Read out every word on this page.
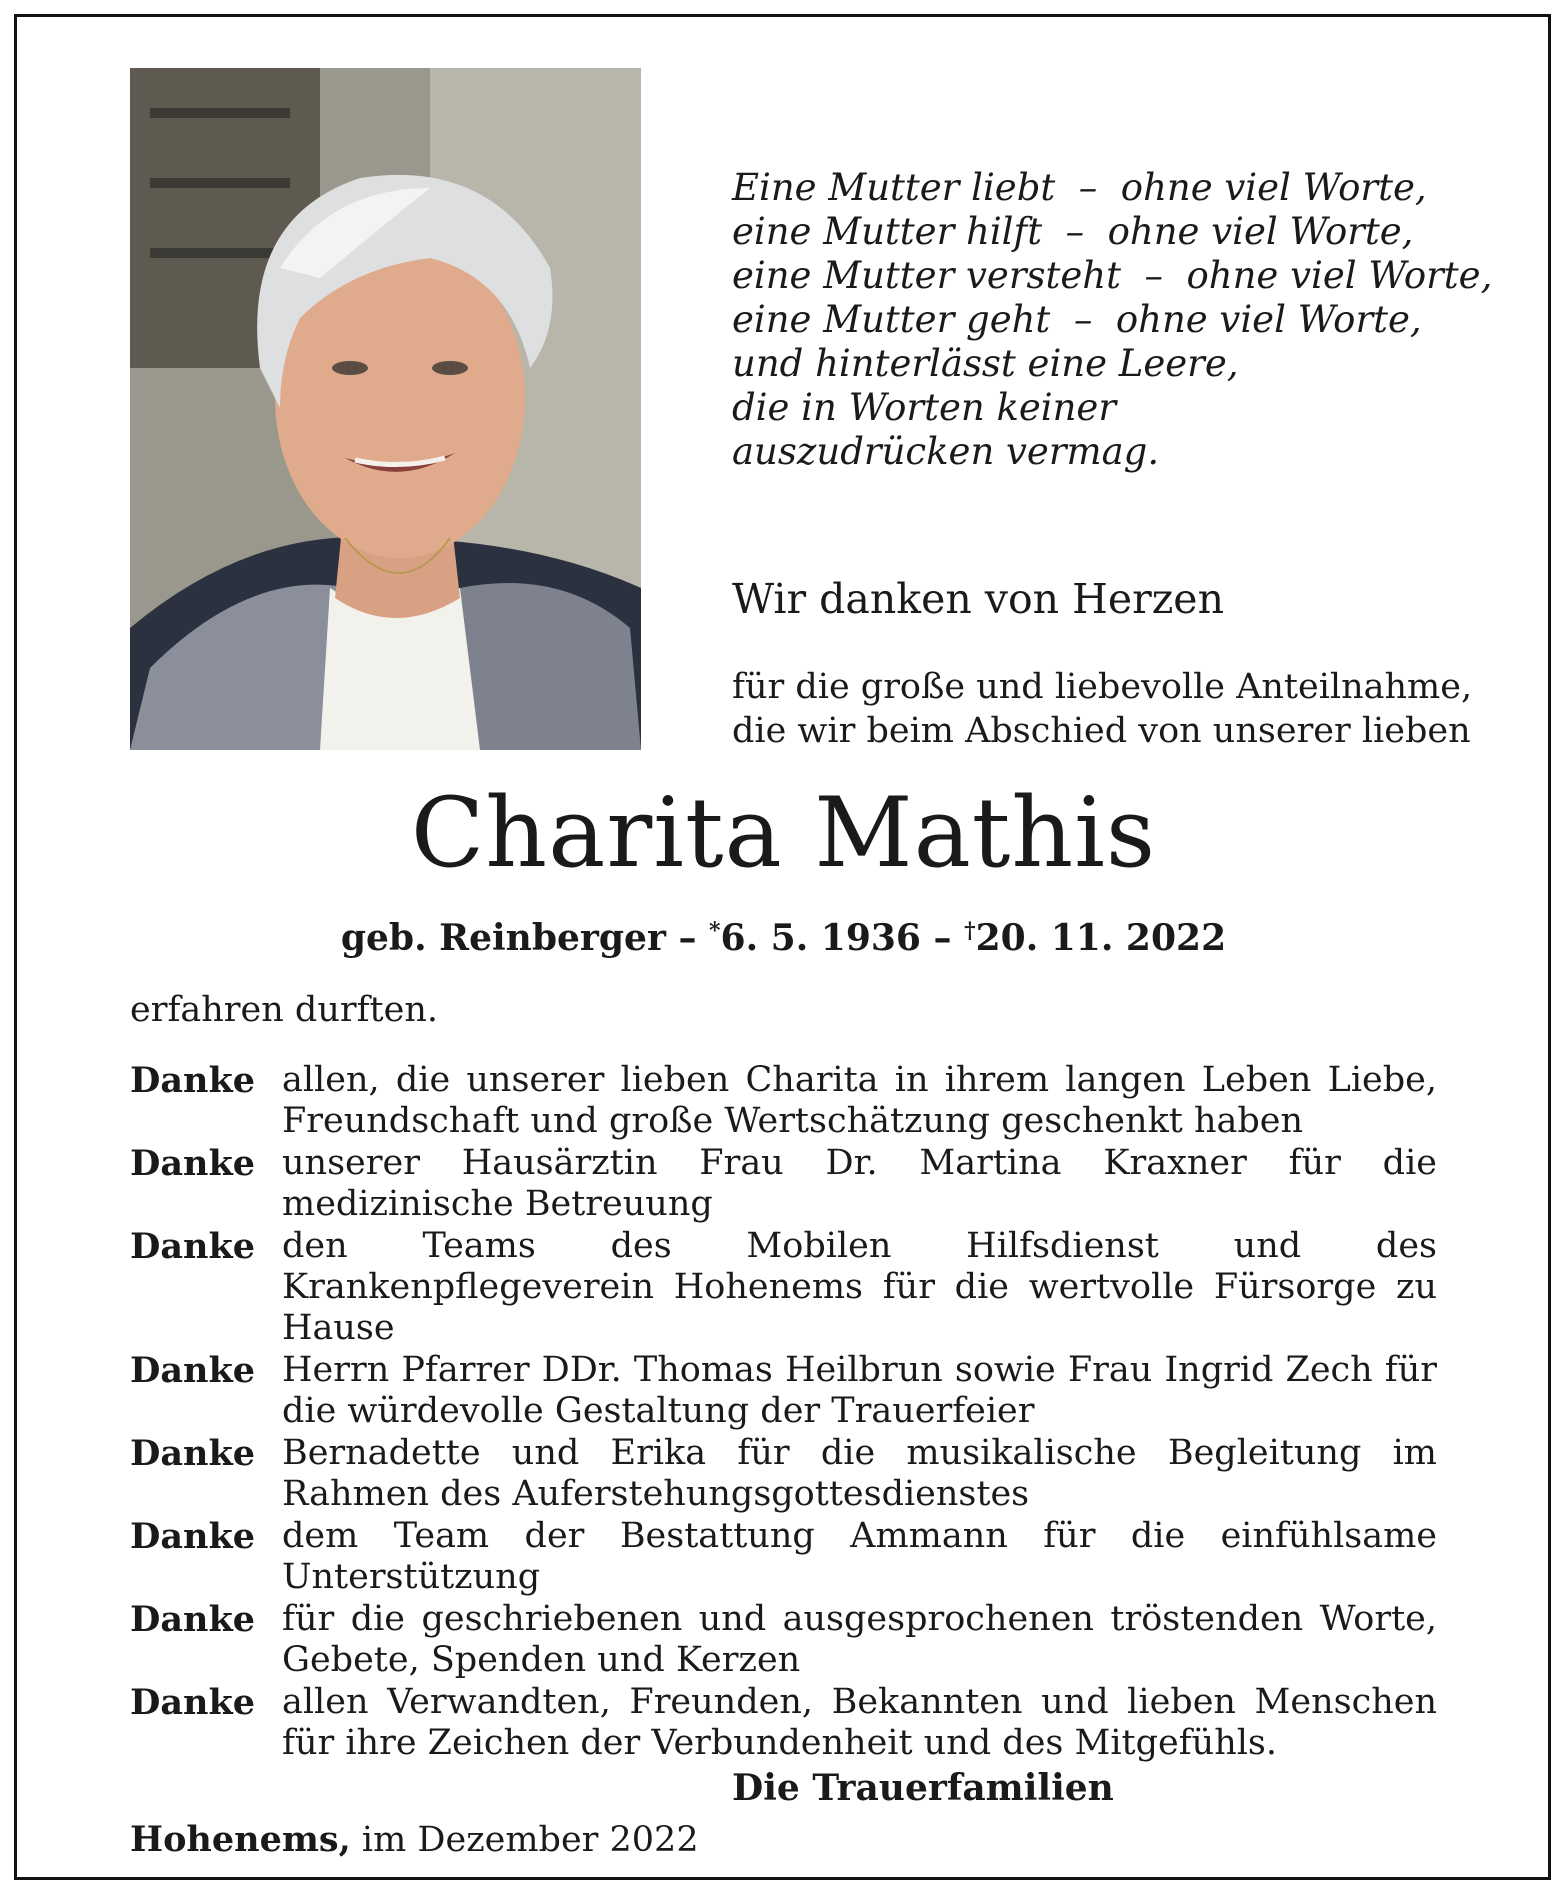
Eine Mutter liebt  –  ohne viel Worte,
eine Mutter hilft  –  ohne viel Worte,
eine Mutter versteht  –  ohne viel Worte,
eine Mutter geht  –  ohne viel Worte,
und hinterlässt eine Leere,
die in Worten keiner
auszudrücken vermag.
Wir danken von Herzen
für die große und liebevolle Anteilnahme,
die wir beim Abschied von unserer lieben
Charita Mathis
geb. Reinberger – *6. 5. 1936 – †20. 11. 2022
erfahren durften.
Danke allen, die unserer lieben Charita in ihrem langen Leben Liebe, Freundschaft und große Wertschätzung geschenkt haben
Danke unserer Hausärztin Frau Dr. Martina Kraxner für die medizinische Betreuung
Danke den Teams des Mobilen Hilfsdienst und des Krankenpflegeverein Hohenems für die wertvolle Fürsorge zu Hause
Danke Herrn Pfarrer DDr. Thomas Heilbrun sowie Frau Ingrid Zech für die würdevolle Gestaltung der Trauerfeier
Danke Bernadette und Erika für die musikalische Begleitung im Rahmen des Auferstehungsgottesdienstes
Danke dem Team der Bestattung Ammann für die einfühlsame Unterstützung
Danke für die geschriebenen und ausgesprochenen tröstenden Worte, Gebete, Spenden und Kerzen
Danke allen Verwandten, Freunden, Bekannten und lieben Menschen für ihre Zeichen der Verbundenheit und des Mitgefühls.
Die Trauerfamilien
Hohenems, im Dezember 2022
